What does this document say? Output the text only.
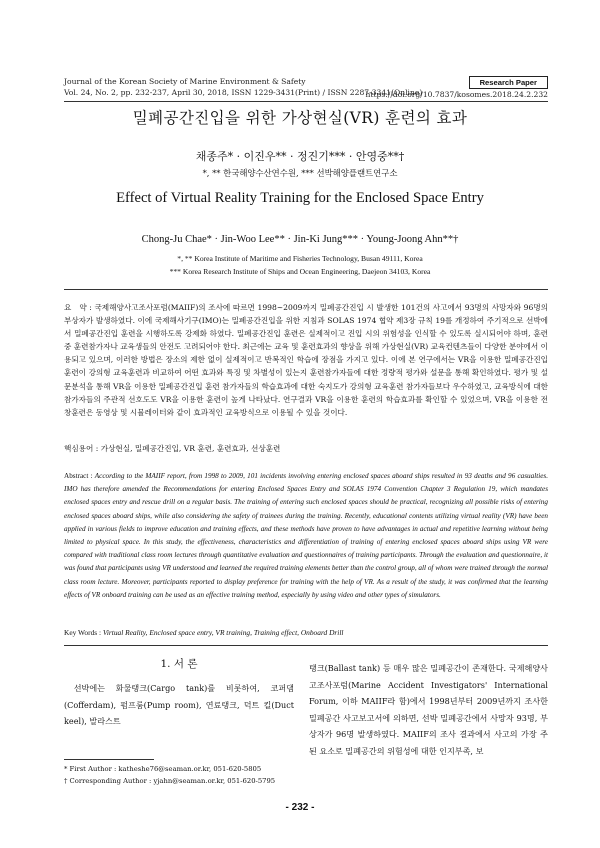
Journal of the Korean Society of Marine Environment & Safety
Vol. 24, No. 2, pp. 232-237, April 30, 2018, ISSN 1229-3431(Print) / ISSN 2287-3341(Online)
Research Paper
https://doi.org/10.7837/kosomes.2018.24.2.232
밀폐공간진입을 위한 가상현실(VR) 훈련의 효과
채종주* · 이진우** · 정진기*** · 안영중**†
*, ** 한국해양수산연수원, *** 선박해양플랜트연구소
Effect of Virtual Reality Training for the Enclosed Space Entry
Chong-Ju Chae* · Jin-Woo Lee** · Jin-Ki Jung*** · Young-Joong Ahn**†
*, ** Korea Institute of Maritime and Fisheries Technology, Busan 49111, Korea
*** Korea Research Institute of Ships and Ocean Engineering, Daejeon 34103, Korea
요　약 : 국제해양사고조사포럼(MAIIF)의 조사에 따르면 1998~2009까지 밀폐공간진입 시 발생한 101건의 사고에서 93명의 사망자와 96명의 부상자가 발생하였다. 이에 국제해사기구(IMO)는 밀폐공간진입을 위한 지침과 SOLAS 1974 협약 제3장 규칙 19를 개정하여 주기적으로 선박에서 밀폐공간진입 훈련을 시행하도록 강제화 하였다. 밀폐공간진입 훈련은 실제적이고 진입 시의 위험성을 인식할 수 있도록 실시되어야 하며, 훈련 중 훈련참가자나 교육생들의 안전도 고려되어야 한다. 최근에는 교육 및 훈련효과의 향상을 위해 가상현실(VR) 교육컨텐츠들이 다양한 분야에서 이용되고 있으며, 이러한 방법은 장소의 제한 없이 실제적이고 반복적인 학습에 장점을 가지고 있다. 이에 본 연구에서는 VR을 이용한 밀폐공간진입 훈련이 강의형 교육훈련과 비교하여 어떤 효과와 특징 및 차별성이 있는지 훈련참가자들에 대한 정량적 평가와 설문을 통해 확인하였다. 평가 및 설문분석을 통해 VR을 이용한 밀폐공간진입 훈련 참가자들의 학습효과에 대한 숙지도가 강의형 교육훈련 참가자들보다 우수하였고, 교육방식에 대한 참가자들의 주관적 선호도도 VR을 이용한 훈련이 높게 나타났다. 연구결과 VR을 이용한 훈련의 학습효과를 확인할 수 있었으며, VR을 이용한 전창훈련은 동영상 및 시뮬레이터와 같이 효과적인 교육방식으로 이용될 수 있을 것이다.
핵심용어 : 가상현실, 밀폐공간진입, VR 훈련, 훈련효과, 선상훈련
Abstract : According to the MAIIF report, from 1998 to 2009, 101 incidents involving entering enclosed spaces aboard ships resulted in 93 deaths and 96 casualties. IMO has therefore amended the Recommendations for entering Enclosed Spaces Entry and SOLAS 1974 Convention Chapter 3 Regulation 19, which mandates enclosed spaces entry and rescue drill on a regular basis. The training of entering such enclosed spaces should be practical, recognizing all possible risks of entering enclosed spaces aboard ships, while also considering the safety of trainees during the training. Recently, educational contents utilizing virtual reality (VR) have been applied in various fields to improve education and training effects, and these methods have proven to have advantages in actual and repetitive learning without being limited to physical space. In this study, the effectiveness, characteristics and differentiation of training of entering enclosed spaces aboard ships using VR were compared with traditional class room lectures through quantitative evaluation and questionnaires of training participants. Through the evaluation and questionnaire, it was found that participants using VR understood and learned the required training elements better than the control group, all of whom were trained through the normal class room lecture. Moreover, participants reported to display preference for training with the help of VR. As a result of the study, it was confirmed that the learning effects of VR onboard training can be used as an effective training method, especially by using video and other types of simulators.
Key Words : Virtual Reality, Enclosed space entry, VR training, Training effect, Onboard Drill
1. 서 론
선박에는 화물탱크(Cargo tank)를 비롯하여, 코퍼댐(Cofferdam), 펌프룸(Pump room), 연료탱크, 덕트 킬(Duct keel), 발라스트
탱크(Ballast tank) 등 매우 많은 밀폐공간이 존재한다. 국제해양사고조사포럼(Marine Accident Investigators' International Forum, 이하 MAIIF라 함)에서 1998년부터 2009년까지 조사한 밀폐공간 사고보고서에 의하면, 선박 밀폐공간에서 사망자 93명, 부상자가 96명 발생하였다. MAIIF의 조사 결과에서 사고의 가장 주된 요소로 밀폐공간의 위험성에 대한 인지부족, 보
* First Author : katheshe76@seaman.or.kr, 051-620-5805
† Corresponding Author : yjahn@seaman.or.kr, 051-620-5795
- 232 -
